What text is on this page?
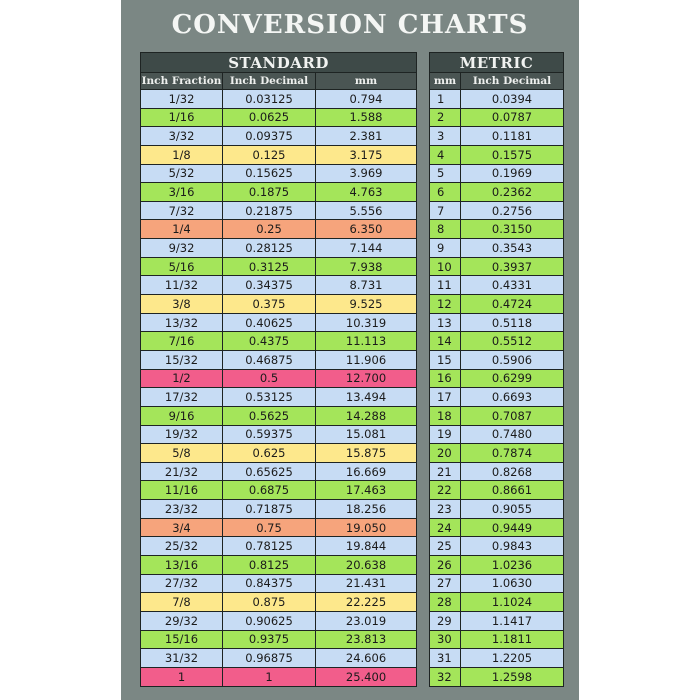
CONVERSION CHARTS
STANDARD		
Inch Fraction	Inch Decimal	mm
1/32	0.03125	0.794
1/16	0.0625	1.588
3/32	0.09375	2.381
1/8	0.125	3.175
5/32	0.15625	3.969
3/16	0.1875	4.763
7/32	0.21875	5.556
1/4	0.25	6.350
9/32	0.28125	7.144
5/16	0.3125	7.938
11/32	0.34375	8.731
3/8	0.375	9.525
13/32	0.40625	10.319
7/16	0.4375	11.113
15/32	0.46875	11.906
1/2	0.5	12.700
17/32	0.53125	13.494
9/16	0.5625	14.288
19/32	0.59375	15.081
5/8	0.625	15.875
21/32	0.65625	16.669
11/16	0.6875	17.463
23/32	0.71875	18.256
3/4	0.75	19.050
25/32	0.78125	19.844
13/16	0.8125	20.638
27/32	0.84375	21.431
7/8	0.875	22.225
29/32	0.90625	23.019
15/16	0.9375	23.813
31/32	0.96875	24.606
1	1	25.400
METRIC	
mm	Inch Decimal
1	0.0394
2	0.0787
3	0.1181
4	0.1575
5	0.1969
6	0.2362
7	0.2756
8	0.3150
9	0.3543
10	0.3937
11	0.4331
12	0.4724
13	0.5118
14	0.5512
15	0.5906
16	0.6299
17	0.6693
18	0.7087
19	0.7480
20	0.7874
21	0.8268
22	0.8661
23	0.9055
24	0.9449
25	0.9843
26	1.0236
27	1.0630
28	1.1024
29	1.1417
30	1.1811
31	1.2205
32	1.2598
